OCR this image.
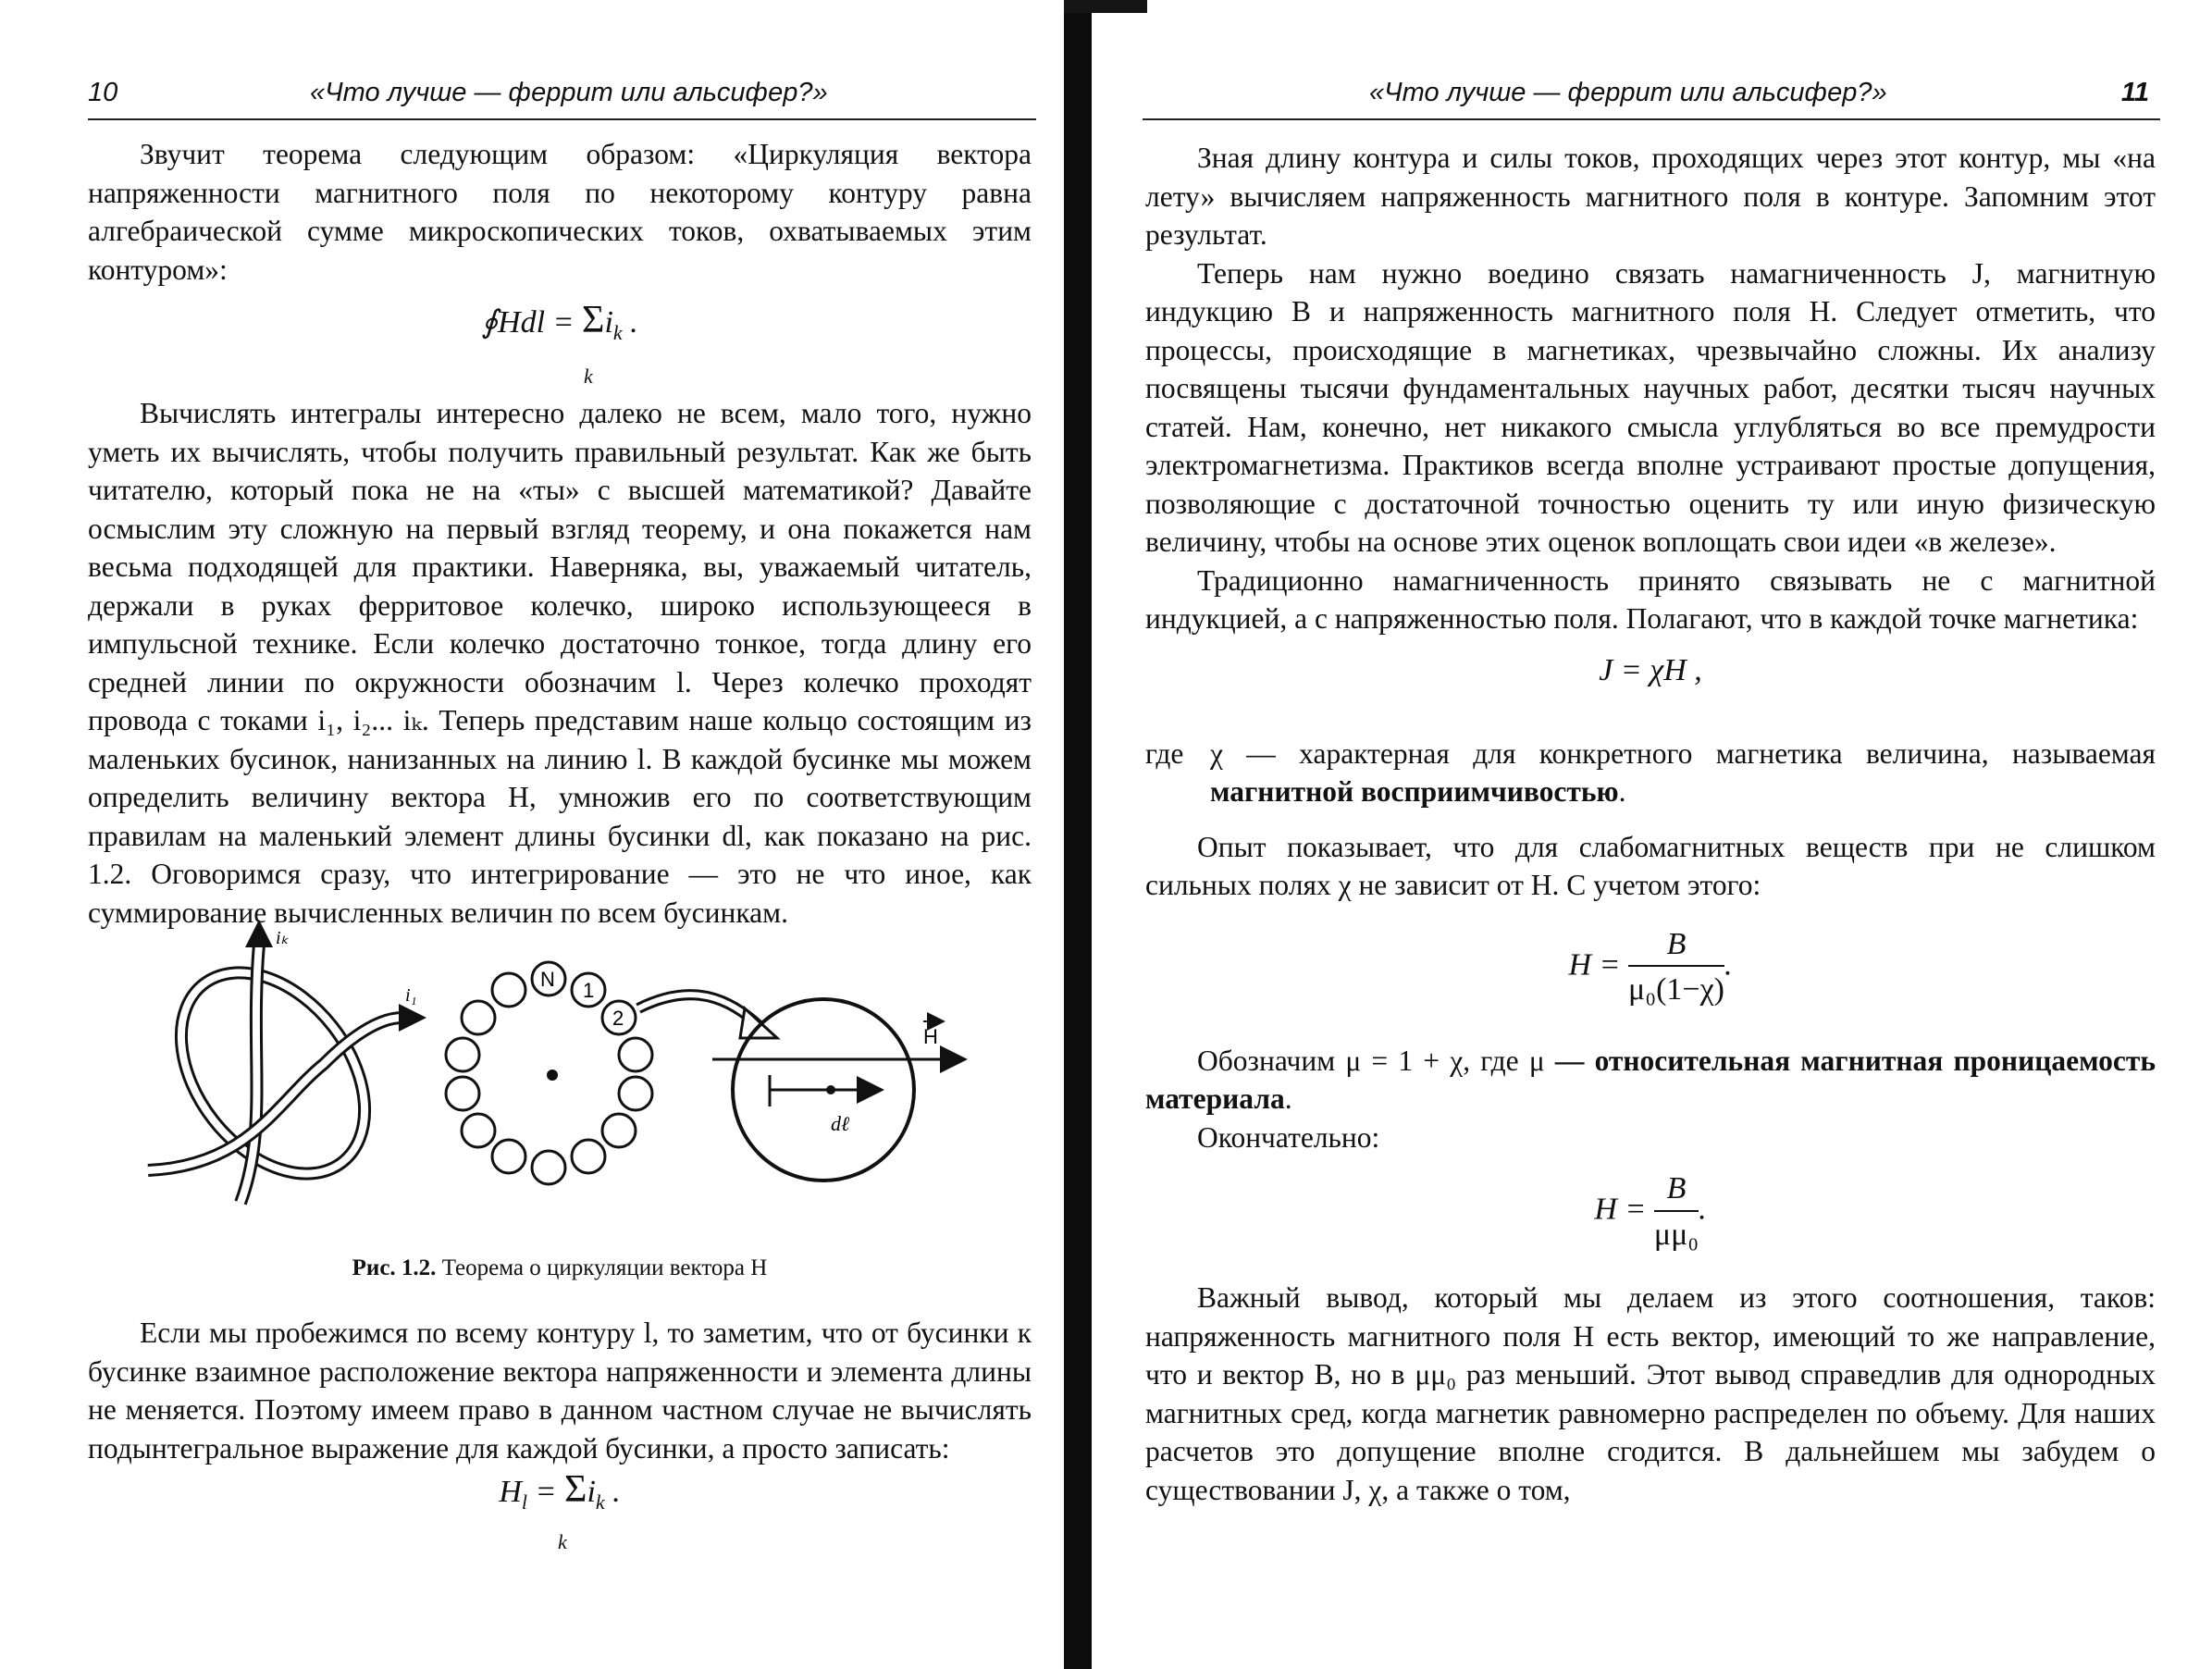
10	«Что лучше — феррит или альсифер?»

Звучит теорема следующим образом: «Циркуляция вектора напряженности магнитного поля по некоторому контуру равна алгебраической сумме микроскопических токов, охватываемых этим контуром»:

∮Hdl = $\Sigma i_k$ .
k

Вычислять интегралы интересно далеко не всем, мало того, нужно уметь их вычислять, чтобы получить правильный результат. Как же быть читателю, который пока не на «ты» с высшей математикой? Давайте осмыслим эту сложную на первый взгляд теорему, и она покажется нам весьма подходящей для практики. Наверняка, вы, уважаемый читатель, держали в руках ферритовое колечко, широко использующееся в импульсной технике. Если колечко достаточно тонкое, тогда длину его средней линии по окружности обозначим l. Через колечко проходят провода с токами i₁, i₂... iₖ. Теперь представим наше кольцо состоящим из маленьких бусинок, нанизанных на линию l. В каждой бусинке мы можем определить величину вектора H, умножив его по соответствующим правилам на маленький элемент длины бусинки dl, как показано на рис. 1.2. Оговоримся сразу, что интегрирование — это не что иное, как суммирование вычисленных величин по всем бусинкам.

iₖ
i₁
N 1
2
H
dℓ
Рис. 1.2. Теорема о циркуляции вектора Н

Если мы пробежимся по всему контуру l, то заметим, что от бусинки к бусинке взаимное расположение вектора напряженности и элемента длины не меняется. Поэтому имеем право в данном частном случае не вычислять подынтегральное выражение для каждой бусинки, а просто записать:

$H_l = \Sigma i_k$ .
k
«Что лучше — феррит или альсифер?»	11

Зная длину контура и силы токов, проходящих через этот контур, мы «на лету» вычисляем напряженность магнитного поля в контуре. Запомним этот результат.

Теперь нам нужно воедино связать намагниченность J, магнитную индукцию B и напряженность магнитного поля H. Следует отметить, что процессы, происходящие в магнетиках, чрезвычайно сложны. Их анализу посвящены тысячи фундаментальных научных работ, десятки тысяч научных статей. Нам, конечно, нет никакого смысла углубляться во все премудрости электромагнетизма. Практиков всегда вполне устраивают простые допущения, позволяющие с достаточной точностью оценить ту или иную физическую величину, чтобы на основе этих оценок воплощать свои идеи «в железе».

Традиционно намагниченность принято связывать не с магнитной индукцией, а с напряженностью поля. Полагают, что в каждой точке магнетика:

J = χH ,
где χ — характерная для конкретного магнетика величина, называемая магнитной восприимчивостью.

Опыт показывает, что для слабомагнитных веществ при не слишком сильных полях χ не зависит от H. С учетом этого:

$H = \frac{B}{\text{μ₀(1−χ)}}$ .

Обозначим μ = 1 + χ, где μ — относительная магнитная проницаемость материала.

Окончательно:

$H = \frac{B}{\text{μμ₀}}$ .

Важный вывод, который мы делаем из этого соотношения, таков: напряженность магнитного поля H есть вектор, имеющий то же направление, что и вектор B, но в μμ₀ раз меньший. Этот вывод справедлив для однородных магнитных сред, когда магнетик равномерно распределен по объему. Для наших расчетов это допущение вполне сгодится. В дальнейшем мы забудем о существовании J, χ, а также о том,
